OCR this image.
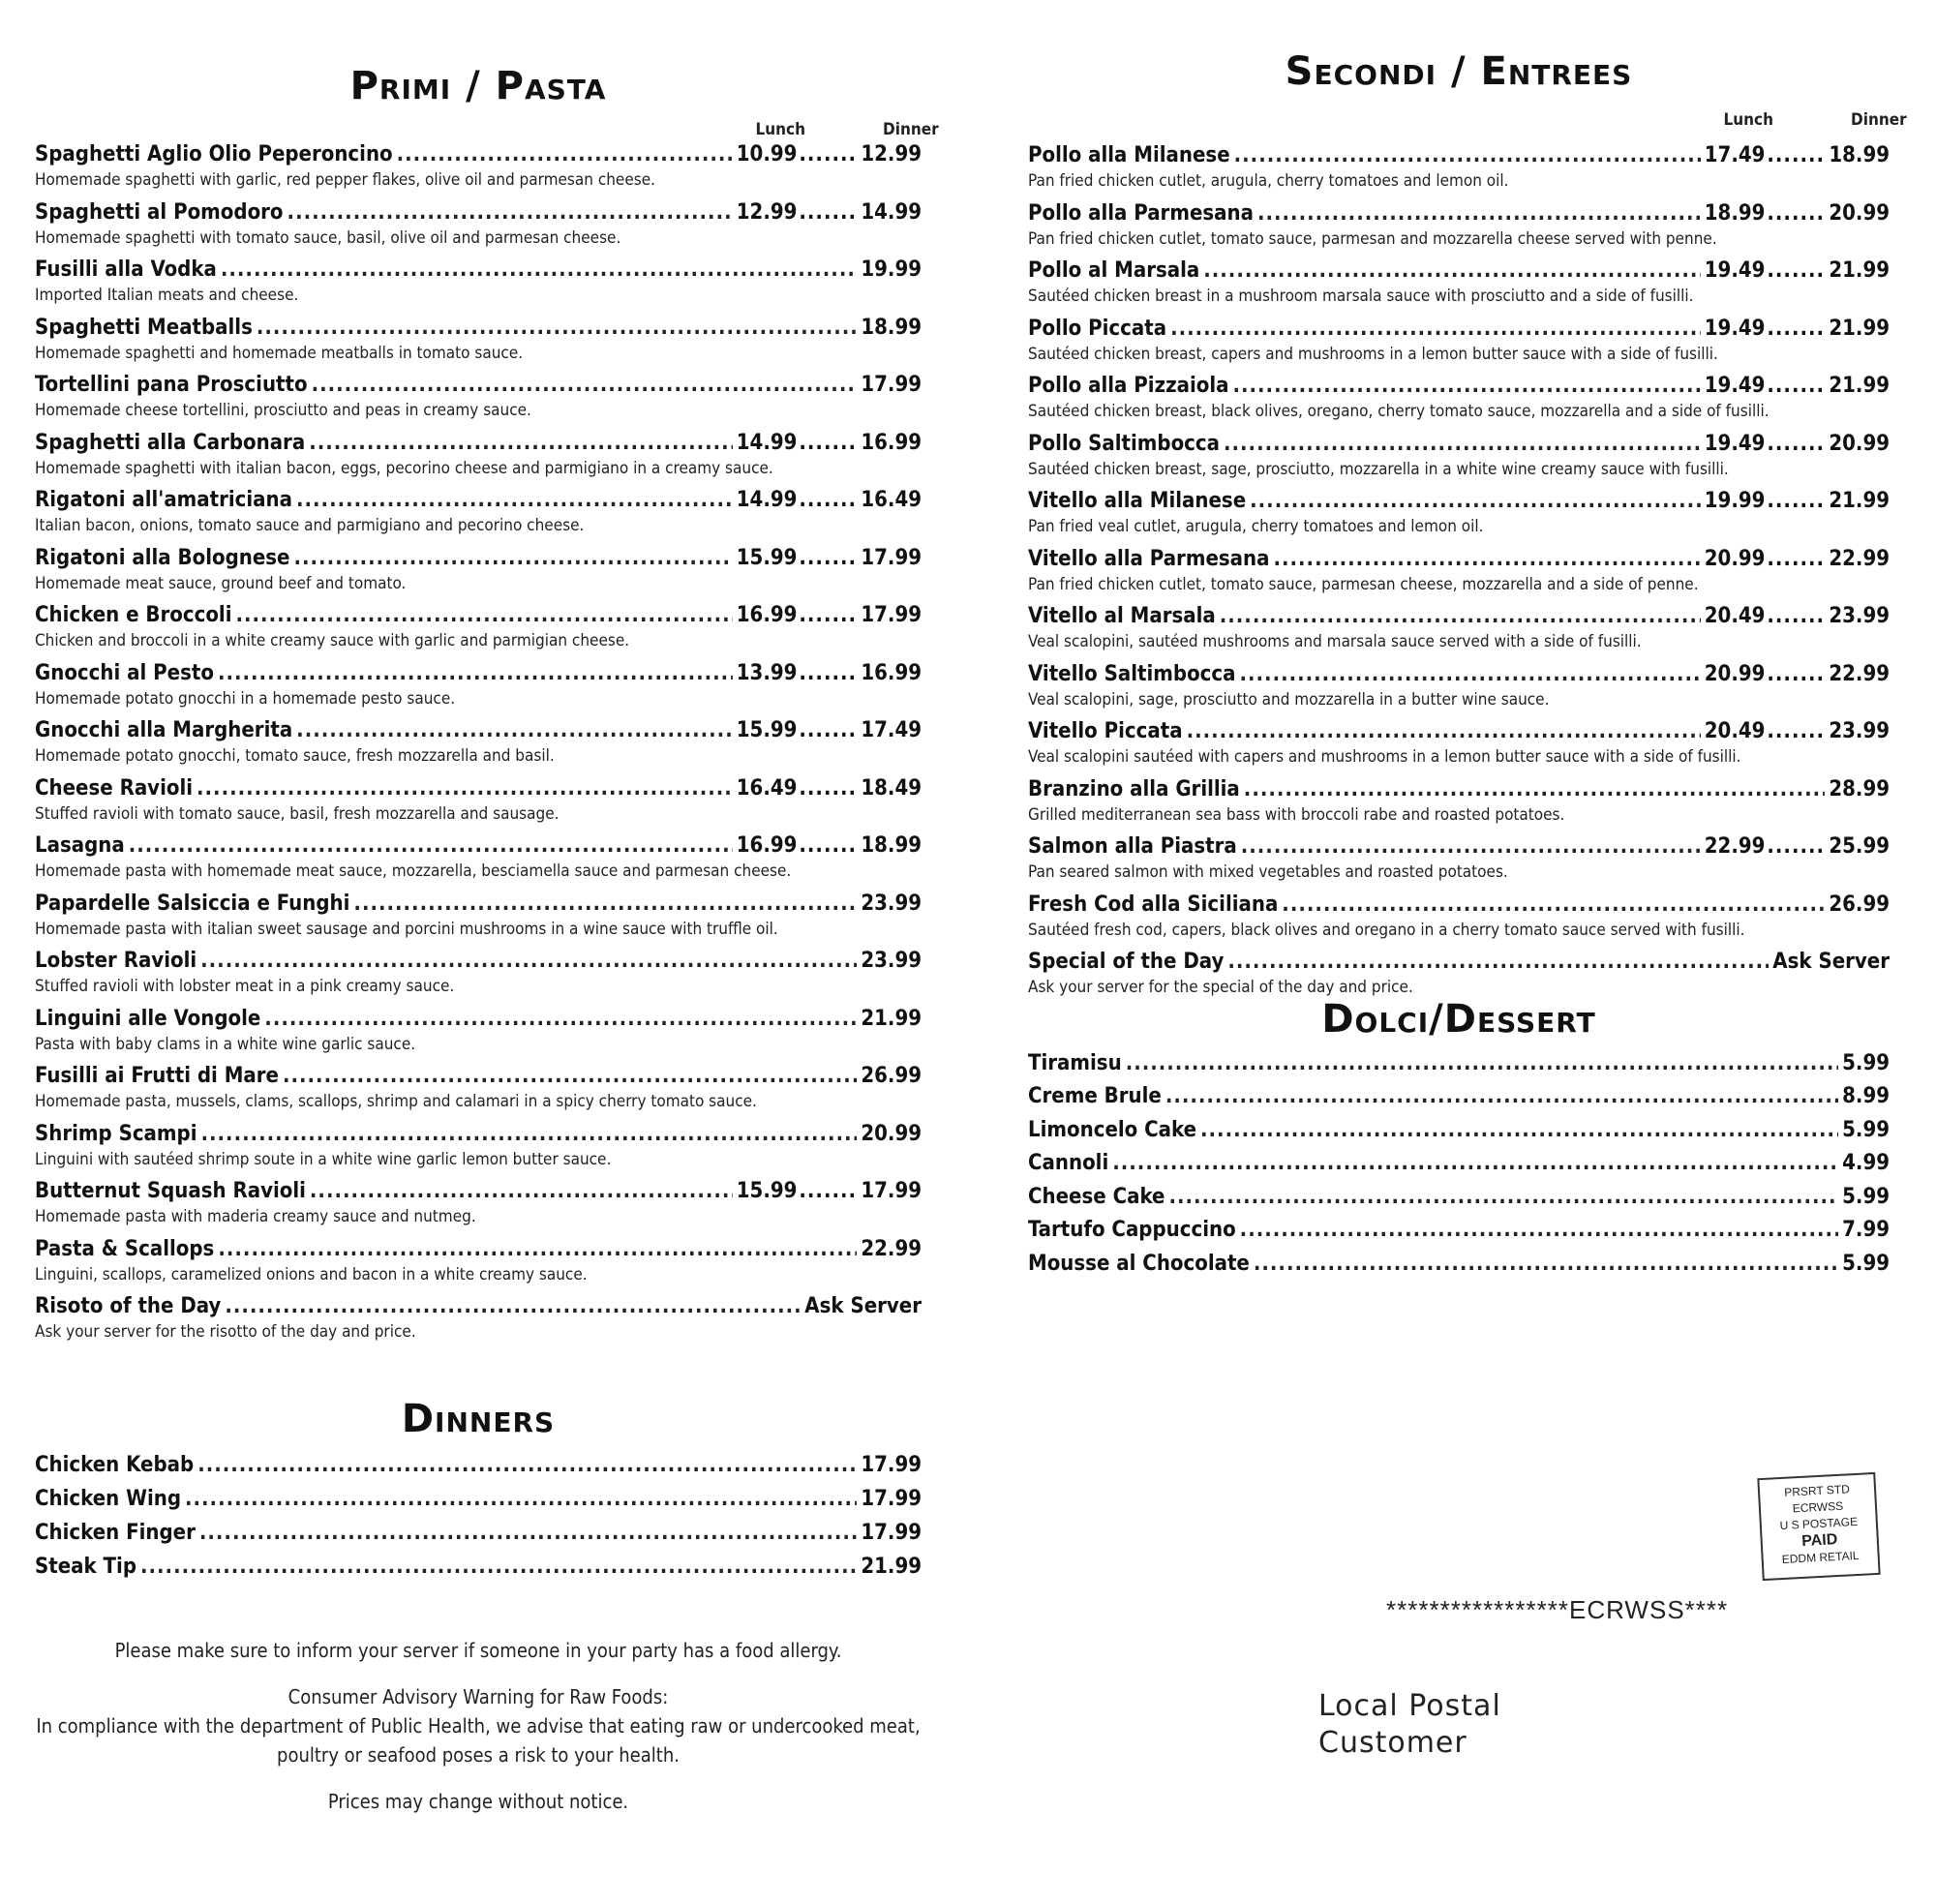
Primi / Pasta
Lunch	Dinner
Spaghetti Aglio Olio Peperoncino .....	10.99 .....	12.99
Homemade spaghetti with garlic, red pepper flakes, olive oil and parmesan cheese.
Spaghetti al Pomodoro .....	12.99 .....	14.99
Homemade spaghetti with tomato sauce, basil, olive oil and parmesan cheese.
Fusilli alla Vodka .....	19.99
Imported Italian meats and cheese.
Spaghetti Meatballs .....	18.99
Homemade spaghetti and homemade meatballs in tomato sauce.
Tortellini pana Prosciutto .....	17.99
Homemade cheese tortellini, prosciutto and peas in creamy sauce.
Spaghetti alla Carbonara .....	14.99 .....	16.99
Homemade spaghetti with italian bacon, eggs, pecorino cheese and parmigiano in a creamy sauce.
Rigatoni all'amatriciana .....	14.99 .....	16.49
Italian bacon, onions, tomato sauce and parmigiano and pecorino cheese.
Rigatoni alla Bolognese .....	15.99 .....	17.99
Homemade meat sauce, ground beef and tomato.
Chicken e Broccoli .....	16.99 .....	17.99
Chicken and broccoli in a white creamy sauce with garlic and parmigian cheese.
Gnocchi al Pesto .....	13.99 .....	16.99
Homemade potato gnocchi in a homemade pesto sauce.
Gnocchi alla Margherita .....	15.99 .....	17.49
Homemade potato gnocchi, tomato sauce, fresh mozzarella and basil.
Cheese Ravioli .....	16.49 .....	18.49
Stuffed ravioli with tomato sauce, basil, fresh mozzarella and sausage.
Lasagna .....	16.99 .....	18.99
Homemade pasta with homemade meat sauce, mozzarella, besciamella sauce and parmesan cheese.
Papardelle Salsiccia e Funghi .....	23.99
Homemade pasta with italian sweet sausage and porcini mushrooms in a wine sauce with truffle oil.
Lobster Ravioli .....	23.99
Stuffed ravioli with lobster meat in a pink creamy sauce.
Linguini alle Vongole .....	21.99
Pasta with baby clams in a white wine garlic sauce.
Fusilli ai Frutti di Mare .....	26.99
Homemade pasta, mussels, clams, scallops, shrimp and calamari in a spicy cherry tomato sauce.
Shrimp Scampi .....	20.99
Linguini with sautéed shrimp soute in a white wine garlic lemon butter sauce.
Butternut Squash Ravioli .....	15.99 .....	17.99
Homemade pasta with maderia creamy sauce and nutmeg.
Pasta & Scallops .....	22.99
Linguini, scallops, caramelized onions and bacon in a white creamy sauce.
Risoto of the Day .....	Ask Server
Ask your server for the risotto of the day and price.
Dinners
Chicken Kebab .....	17.99
Chicken Wing .....	17.99
Chicken Finger .....	17.99
Steak Tip .....	21.99

Please make sure to inform your server if someone in your party has a food allergy.

Consumer Advisory Warning for Raw Foods:
In compliance with the department of Public Health, we advise that eating raw or undercooked meat,

poultry or seafood poses a risk to your health.

Prices may change without notice.

Secondi / Entrees
Lunch	Dinner
Pollo alla Milanese .....	17.49 .....	18.99
Pan fried chicken cutlet, arugula, cherry tomatoes and lemon oil.
Pollo alla Parmesana .....	18.99 .....	20.99
Pan fried chicken cutlet, tomato sauce, parmesan and mozzarella cheese served with penne.
Pollo al Marsala .....	19.49 .....	21.99
Sautéed chicken breast in a mushroom marsala sauce with prosciutto and a side of fusilli.
Pollo Piccata .....	19.49 .....	21.99
Sautéed chicken breast, capers and mushrooms in a lemon butter sauce with a side of fusilli.
Pollo alla Pizzaiola .....	19.49 .....	21.99
Sautéed chicken breast, black olives, oregano, cherry tomato sauce, mozzarella and a side of fusilli.
Pollo Saltimbocca .....	19.49 .....	20.99
Sautéed chicken breast, sage, prosciutto, mozzarella in a white wine creamy sauce with fusilli.
Vitello alla Milanese .....	19.99 .....	21.99
Pan fried veal cutlet, arugula, cherry tomatoes and lemon oil.
Vitello alla Parmesana .....	20.99 .....	22.99
Pan fried chicken cutlet, tomato sauce, parmesan cheese, mozzarella and a side of penne.
Vitello al Marsala .....	20.49 .....	23.99
Veal scalopini, sautéed mushrooms and marsala sauce served with a side of fusilli.
Vitello Saltimbocca .....	20.99 .....	22.99
Veal scalopini, sage, prosciutto and mozzarella in a butter wine sauce.
Vitello Piccata .....	20.49 .....	23.99
Veal scalopini sautéed with capers and mushrooms in a lemon butter sauce with a side of fusilli.
Branzino alla Grillia .....	28.99
Grilled mediterranean sea bass with broccoli rabe and roasted potatoes.
Salmon alla Piastra .....	22.99 .....	25.99
Pan seared salmon with mixed vegetables and roasted potatoes.
Fresh Cod alla Siciliana .....	26.99
Sautéed fresh cod, capers, black olives and oregano in a cherry tomato sauce served with fusilli.
Special of the Day .....	Ask Server
Ask your server for the special of the day and price.
Dolci/Dessert
Tiramisu .....	5.99
Creme Brule .....	8.99
Limoncelo Cake .....	5.99
Cannoli .....	4.99
Cheese Cake .....	5.99
Tartufo Cappuccino .....	7.99
Mousse al Chocolate .....	5.99
PRSRT STD
ECRWSS
U S POSTAGE
PAID
EDDM RETAIL
*****************ECRWSS****
Local Postal
Customer
